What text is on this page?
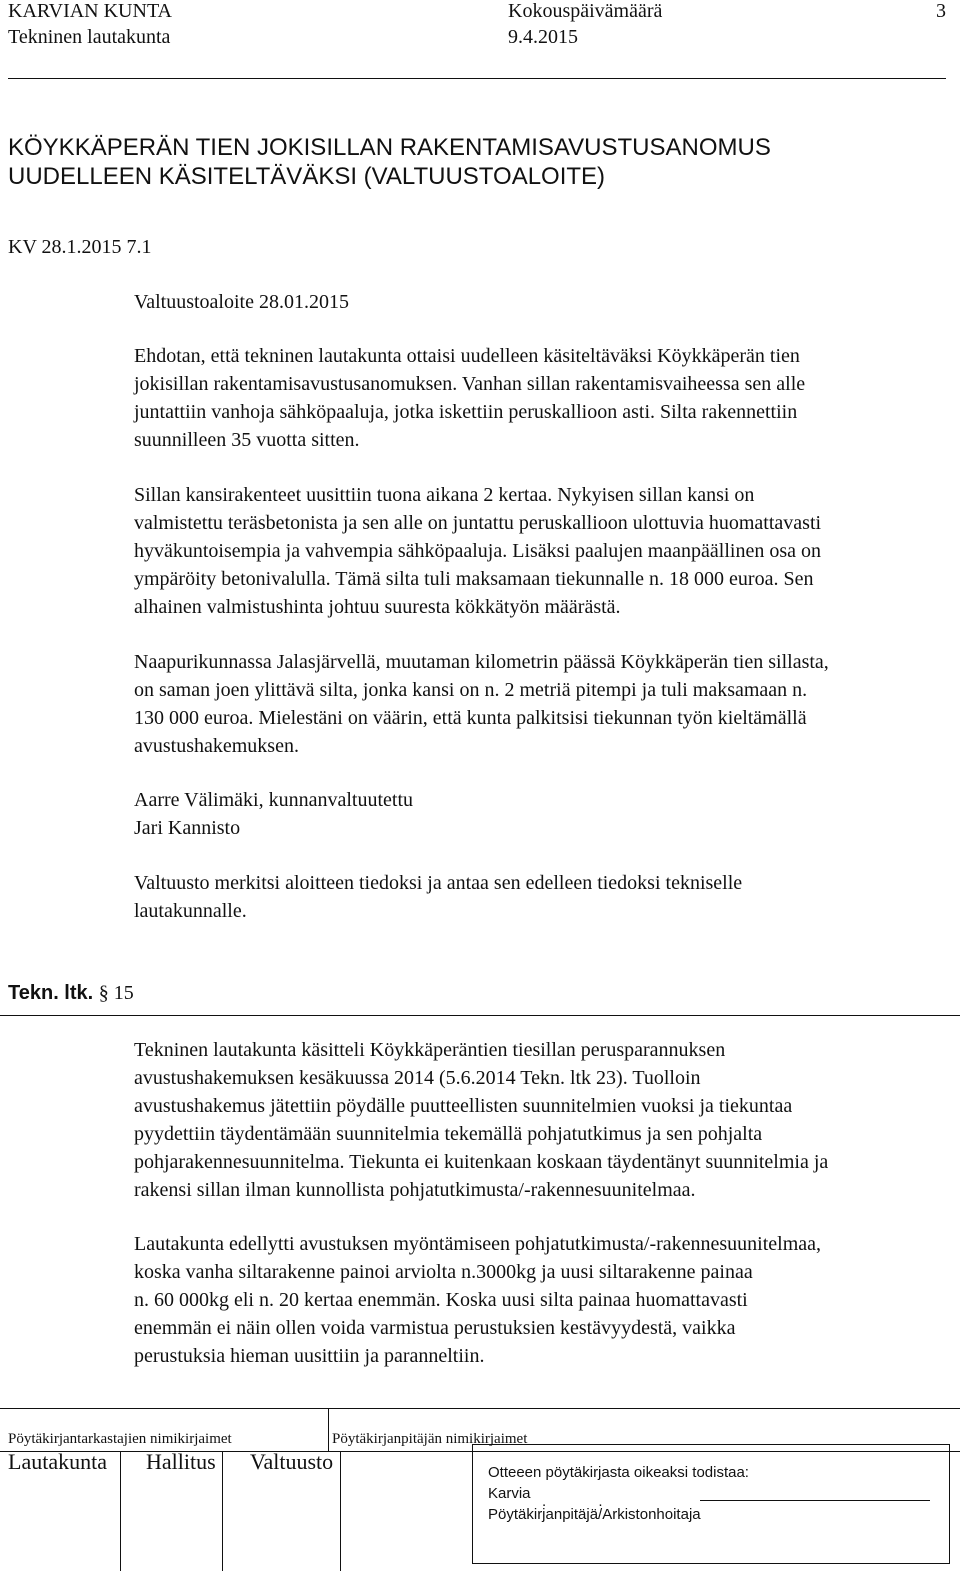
KARVIAN KUNTA
Tekninen lautakunta
Kokouspäivämäärä
9.4.2015
3
KÖYKKÄPERÄN TIEN JOKISILLAN RAKENTAMISAVUSTUSANOMUS
UUDELLEEN KÄSITELTÄVÄKSI (VALTUUSTOALOITE)
KV 28.1.2015 7.1
Valtuustoaloite 28.01.2015
Ehdotan, että tekninen lautakunta ottaisi uudelleen käsiteltäväksi Köykkäperän tien
jokisillan rakentamisavustusanomuksen. Vanhan sillan rakentamisvaiheessa sen alle
juntattiin vanhoja sähköpaaluja, jotka iskettiin peruskallioon asti. Silta rakennettiin
suunnilleen 35 vuotta sitten.
Sillan kansirakenteet uusittiin tuona aikana 2 kertaa. Nykyisen sillan kansi on
valmistettu teräsbetonista ja sen alle on juntattu peruskallioon ulottuvia huomattavasti
hyväkuntoisempia ja vahvempia sähköpaaluja. Lisäksi paalujen maanpäällinen osa on
ympäröity betonivalulla. Tämä silta tuli maksamaan tiekunnalle n. 18 000 euroa. Sen
alhainen valmistushinta johtuu suuresta kökkätyön määrästä.
Naapurikunnassa Jalasjärvellä, muutaman kilometrin päässä Köykkäperän tien sillasta,
on saman joen ylittävä silta, jonka kansi on n. 2 metriä pitempi ja tuli maksamaan n.
130 000 euroa. Mielestäni on väärin, että kunta palkitsisi tiekunnan työn kieltämällä
avustushakemuksen.
Aarre Välimäki, kunnanvaltuutettu
Jari Kannisto
Valtuusto merkitsi aloitteen tiedoksi ja antaa sen edelleen tiedoksi tekniselle
lautakunnalle.
Tekn. ltk. § 15
Tekninen lautakunta käsitteli Köykkäperäntien tiesillan perusparannuksen
avustushakemuksen kesäkuussa 2014 (5.6.2014 Tekn. ltk 23). Tuolloin
avustushakemus jätettiin pöydälle puutteellisten suunnitelmien vuoksi ja tiekuntaa
pyydettiin täydentämään suunnitelmia tekemällä pohjatutkimus ja sen pohjalta
pohjarakennesuunnitelma. Tiekunta ei kuitenkaan koskaan täydentänyt suunnitelmia ja
rakensi sillan ilman kunnollista pohjatutkimusta/-rakennesuunitelmaa.
Lautakunta edellytti avustuksen myöntämiseen pohjatutkimusta/-rakennesuunitelmaa,
koska vanha siltarakenne painoi arviolta n.3000kg ja uusi siltarakenne painaa
n. 60 000kg eli n. 20 kertaa enemmän. Koska uusi silta painaa huomattavasti
enemmän ei näin ollen voida varmistua perustuksien kestävyydestä, vaikka
perustuksia hieman uusittiin ja paranneltiin.
Pöytäkirjantarkastajien nimikirjaimet	Pöytäkirjanpitäjän nimikirjaimet
Lautakunta Hallitus Valtuusto	Otteeen pöytäkirjasta oikeaksi todistaa:
Karvia . .
Pöytäkirjanpitäjä/Arkistonhoitaja
